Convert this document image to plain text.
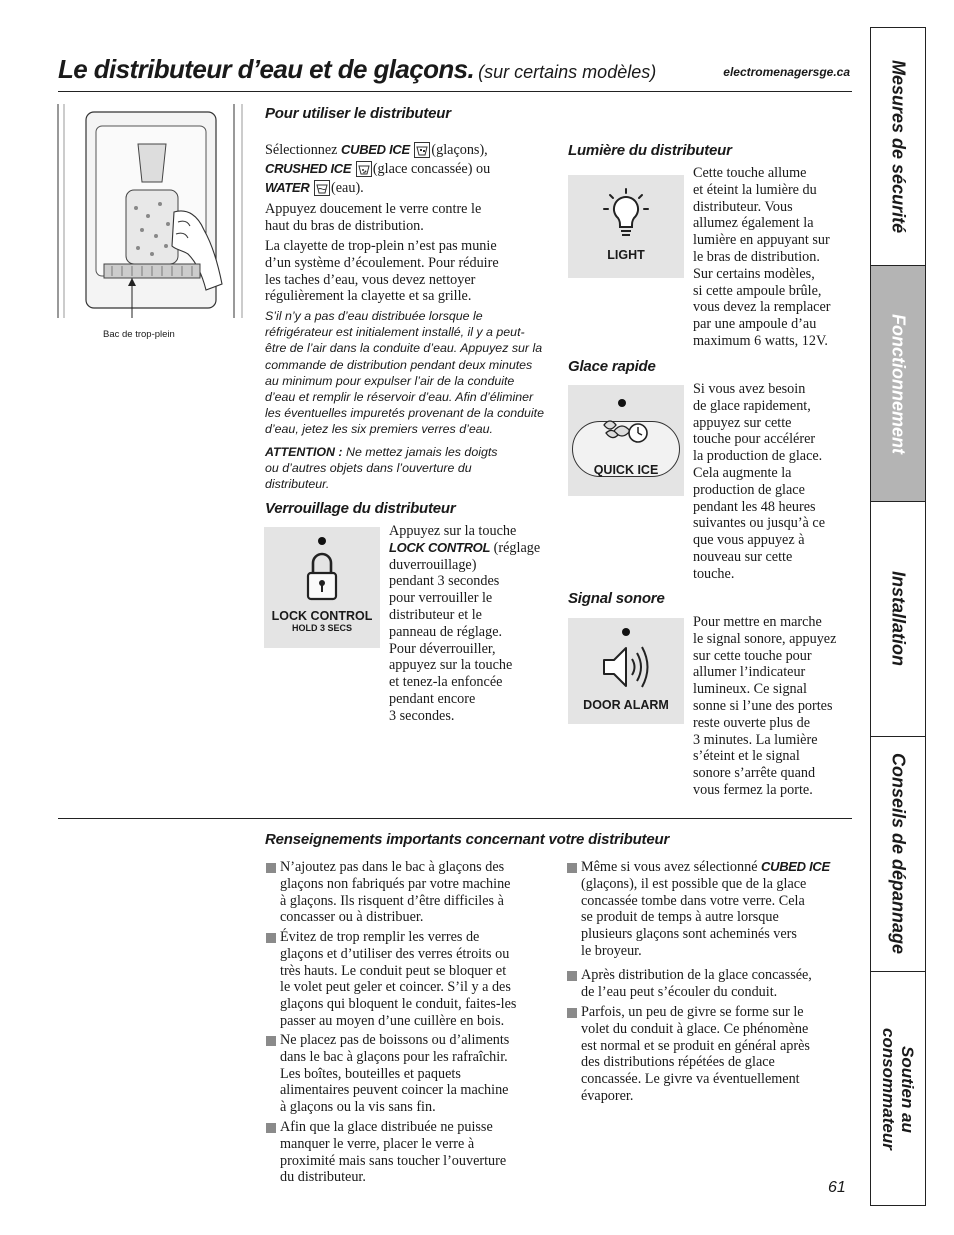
Le distributeur d’eau et de glaçons. (sur certains modèles)	electromenagersge.ca Mesures de sécurité
Fonctionnement
Installation
Conseils de dépannage
Soutien au
consommateur
Bac de trop-plein
Pour utiliser le distributeur
Sélectionnez CUBED ICE (glaçons),
CRUSHED ICE (glace concassée) ou
WATER (eau).
Appuyez doucement le verre contre le
haut du bras de distribution.
La clayette de trop-plein n’est pas munie
d’un système d’écoulement. Pour réduire
les taches d’eau, vous devez nettoyer
régulièrement la clayette et sa grille.
S’il n’y a pas d’eau distribuée lorsque le
réfrigérateur est initialement installé, il y a peut-
être de l’air dans la conduite d’eau. Appuyez sur la
commande de distribution pendant deux minutes
au minimum pour expulser l’air de la conduite
d’eau et remplir le réservoir d’eau. Afin d’éliminer
les éventuelles impuretés provenant de la conduite
d’eau, jetez les six premiers verres d’eau.
ATTENTION : Ne mettez jamais les doigts
ou d’autres objets dans l’ouverture du
distributeur.
Verrouillage du distributeur
LOCK CONTROL
HOLD 3 SECS
Appuyez sur la touche
LOCK CONTROL (réglage
duverrouillage)
pendant 3 secondes
pour verrouiller le
distributeur et le
panneau de réglage.
Pour déverrouiller,
appuyez sur la touche
et tenez-la enfoncée
pendant encore
3 secondes.
Lumière du distributeur
LIGHT
Cette touche allume
et éteint la lumière du
distributeur. Vous
allumez également la
lumière en appuyant sur
le bras de distribution.
Sur certains modèles,
si cette ampoule brûle,
vous devez la remplacer
par une ampoule d’au
maximum 6 watts, 12V.
Glace rapide
QUICK ICE
Si vous avez besoin
de glace rapidement,
appuyez sur cette
touche pour accélérer
la production de glace.
Cela augmente la
production de glace
pendant les 48 heures
suivantes ou jusqu’à ce
que vous appuyez à
nouveau sur cette
touche.
Signal sonore
DOOR ALARM
Pour mettre en marche
le signal sonore, appuyez
sur cette touche pour
allumer l’indicateur
lumineux. Ce signal
sonne si l’une des portes
reste ouverte plus de
3 minutes. La lumière
s’éteint et le signal
sonore s’arrête quand
vous fermez la porte.
Renseignements importants concernant votre distributeur
N’ajoutez pas dans le bac à glaçons des
glaçons non fabriqués par votre machine
à glaçons. Ils risquent d’être difficiles à
concasser ou à distribuer.
Évitez de trop remplir les verres de
glaçons et d’utiliser des verres étroits ou
très hauts. Le conduit peut se bloquer et
le volet peut geler et coincer. S’il y a des
glaçons qui bloquent le conduit, faites-les
passer au moyen d’une cuillère en bois.
Ne placez pas de boissons ou d’aliments
dans le bac à glaçons pour les rafraîchir.
Les boîtes, bouteilles et paquets
alimentaires peuvent coincer la machine
à glaçons ou la vis sans fin.
Afin que la glace distribuée ne puisse
manquer le verre, placer le verre à
proximité mais sans toucher l’ouverture
du distributeur.
Même si vous avez sélectionné CUBED ICE
(glaçons), il est possible que de la glace
concassée tombe dans votre verre. Cela
se produit de temps à autre lorsque
plusieurs glaçons sont acheminés vers
le broyeur.
Après distribution de la glace concassée,
de l’eau peut s’écouler du conduit.
Parfois, un peu de givre se forme sur le
volet du conduit à glace. Ce phénomène
est normal et se produit en général après
des distributions répétées de glace
concassée. Le givre va éventuellement
évaporer.
61
